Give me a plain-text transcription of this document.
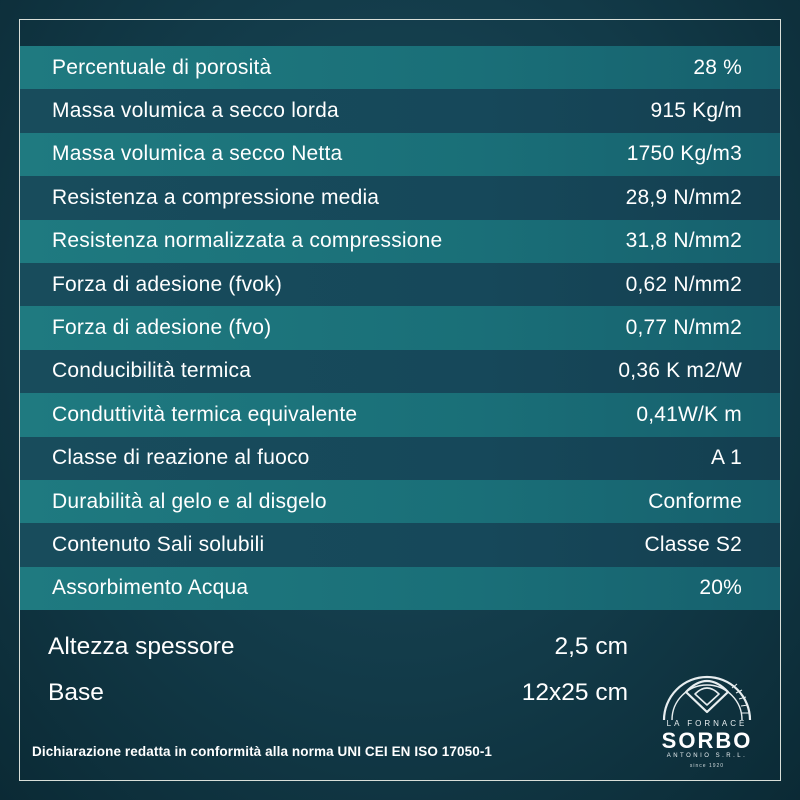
Percentuale di porosità	28 %
Massa volumica a secco lorda	915 Kg/m
Massa volumica a secco Netta	1750 Kg/m3
Resistenza a compressione media	28,9 N/mm2
Resistenza normalizzata a compressione	31,8 N/mm2
Forza di adesione (fvok)	0,62 N/mm2
Forza di adesione (fvo)	0,77 N/mm2
Conducibilità termica	0,36 K m2/W
Conduttività termica equivalente	0,41W/K m
Classe di reazione al fuoco	A 1
Durabilità al gelo e al disgelo	Conforme
Contenuto Sali solubili	Classe S2
Assorbimento Acqua	20%
Altezza spessore	2,5 cm
Base	12x25 cm
Dichiarazione redatta in conformità alla norma UNI CEI EN ISO 17050-1
LA FORNACE
SORBO
ANTONIO S.R.L.
since 1920
